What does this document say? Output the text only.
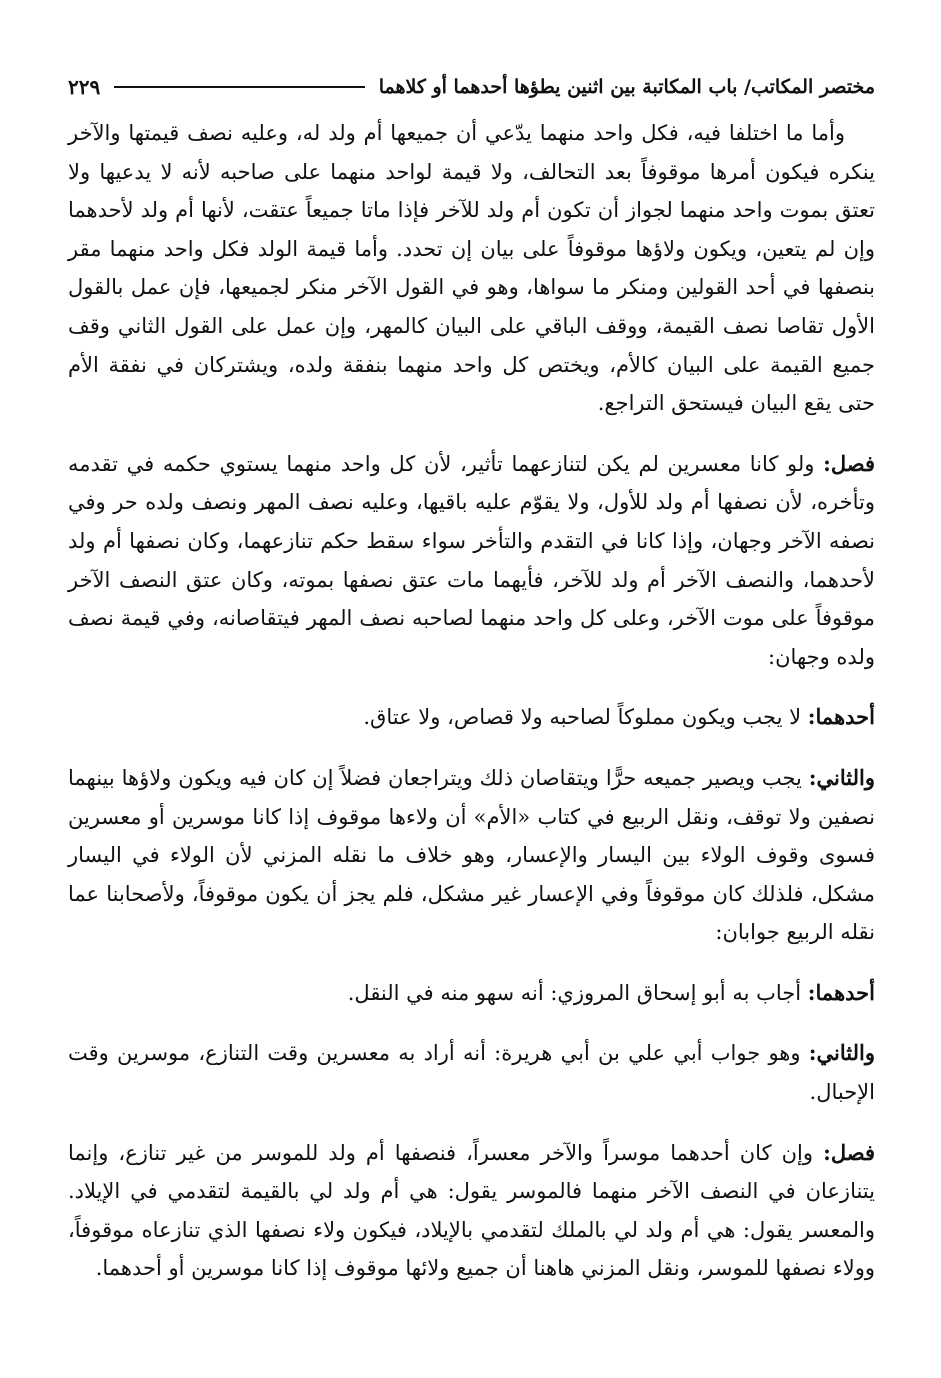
مختصر المكاتب/ باب المكاتبة بين اثنين يطؤها أحدهما أو كلاهما
٢٢٩

وأما ما اختلفا فيه، فكل واحد منهما يدّعي أن جميعها أم ولد له، وعليه نصف قيمتها والآخر ينكره فيكون أمرها موقوفاً بعد التحالف، ولا قيمة لواحد منهما على صاحبه لأنه لا يدعيها ولا تعتق بموت واحد منهما لجواز أن تكون أم ولد للآخر فإذا ماتا جميعاً عتقت، لأنها أم ولد لأحدهما وإن لم يتعين، ويكون ولاؤها موقوفاً على بيان إن تحدد. وأما قيمة الولد فكل واحد منهما مقر بنصفها في أحد القولين ومنكر ما سواها، وهو في القول الآخر منكر لجميعها، فإن عمل بالقول الأول تقاصا نصف القيمة، ووقف الباقي على البيان كالمهر، وإن عمل على القول الثاني وقف جميع القيمة على البيان كالأم، ويختص كل واحد منهما بنفقة ولده، ويشتركان في نفقة الأم حتى يقع البيان فيستحق التراجع.

فصل: ولو كانا معسرين لم يكن لتنازعهما تأثير، لأن كل واحد منهما يستوي حكمه في تقدمه وتأخره، لأن نصفها أم ولد للأول، ولا يقوّم عليه باقيها، وعليه نصف المهر ونصف ولده حر وفي نصفه الآخر وجهان، وإذا كانا في التقدم والتأخر سواء سقط حكم تنازعهما، وكان نصفها أم ولد لأحدهما، والنصف الآخر أم ولد للآخر، فأيهما مات عتق نصفها بموته، وكان عتق النصف الآخر موقوفاً على موت الآخر، وعلى كل واحد منهما لصاحبه نصف المهر فيتقاصانه، وفي قيمة نصف ولده وجهان:

أحدهما: لا يجب ويكون مملوكاً لصاحبه ولا قصاص، ولا عتاق.

والثاني: يجب ويصير جميعه حرًّا ويتقاصان ذلك ويتراجعان فضلاً إن كان فيه ويكون ولاؤها بينهما نصفين ولا توقف، ونقل الربيع في كتاب «الأم» أن ولاءها موقوف إذا كانا موسرين أو معسرين فسوى وقوف الولاء بين اليسار والإعسار، وهو خلاف ما نقله المزني لأن الولاء في اليسار مشكل، فلذلك كان موقوفاً وفي الإعسار غير مشكل، فلم يجز أن يكون موقوفاً، ولأصحابنا عما نقله الربيع جوابان:

أحدهما: أجاب به أبو إسحاق المروزي: أنه سهو منه في النقل.

والثاني: وهو جواب أبي علي بن أبي هريرة: أنه أراد به معسرين وقت التنازع، موسرين وقت الإحبال.

فصل: وإن كان أحدهما موسراً والآخر معسراً، فنصفها أم ولد للموسر من غير تنازع، وإنما يتنازعان في النصف الآخر منهما فالموسر يقول: هي أم ولد لي بالقيمة لتقدمي في الإيلاد. والمعسر يقول: هي أم ولد لي بالملك لتقدمي بالإيلاد، فيكون ولاء نصفها الذي تنازعاه موقوفاً، وولاء نصفها للموسر، ونقل المزني هاهنا أن جميع ولائها موقوف إذا كانا موسرين أو أحدهما.
